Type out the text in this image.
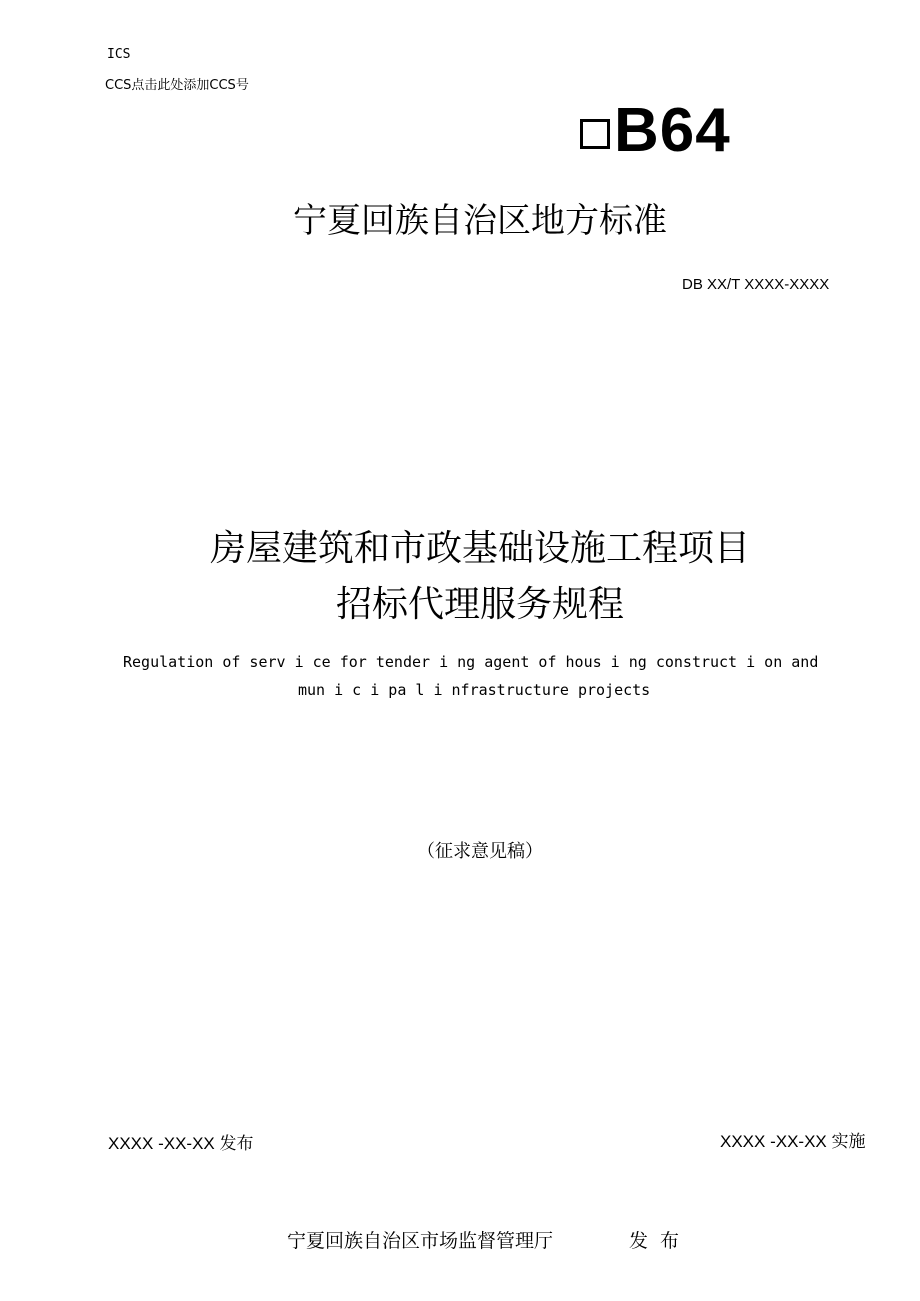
ICS
CCS点击此处添加CCS号
B64
宁夏回族自治区地方标准
DB XX/T XXXX-XXXX
房屋建筑和市政基础设施工程项目
招标代理服务规程
Regulation of serv i ce for tender i ng agent of hous i ng construct i on and
mun i c i pa l i nfrastructure projects
（征求意见稿）
XXXX -XX-XX 发布	XXXX -XX-XX 实施
宁夏回族自治区市场监督管理厅	发 布
